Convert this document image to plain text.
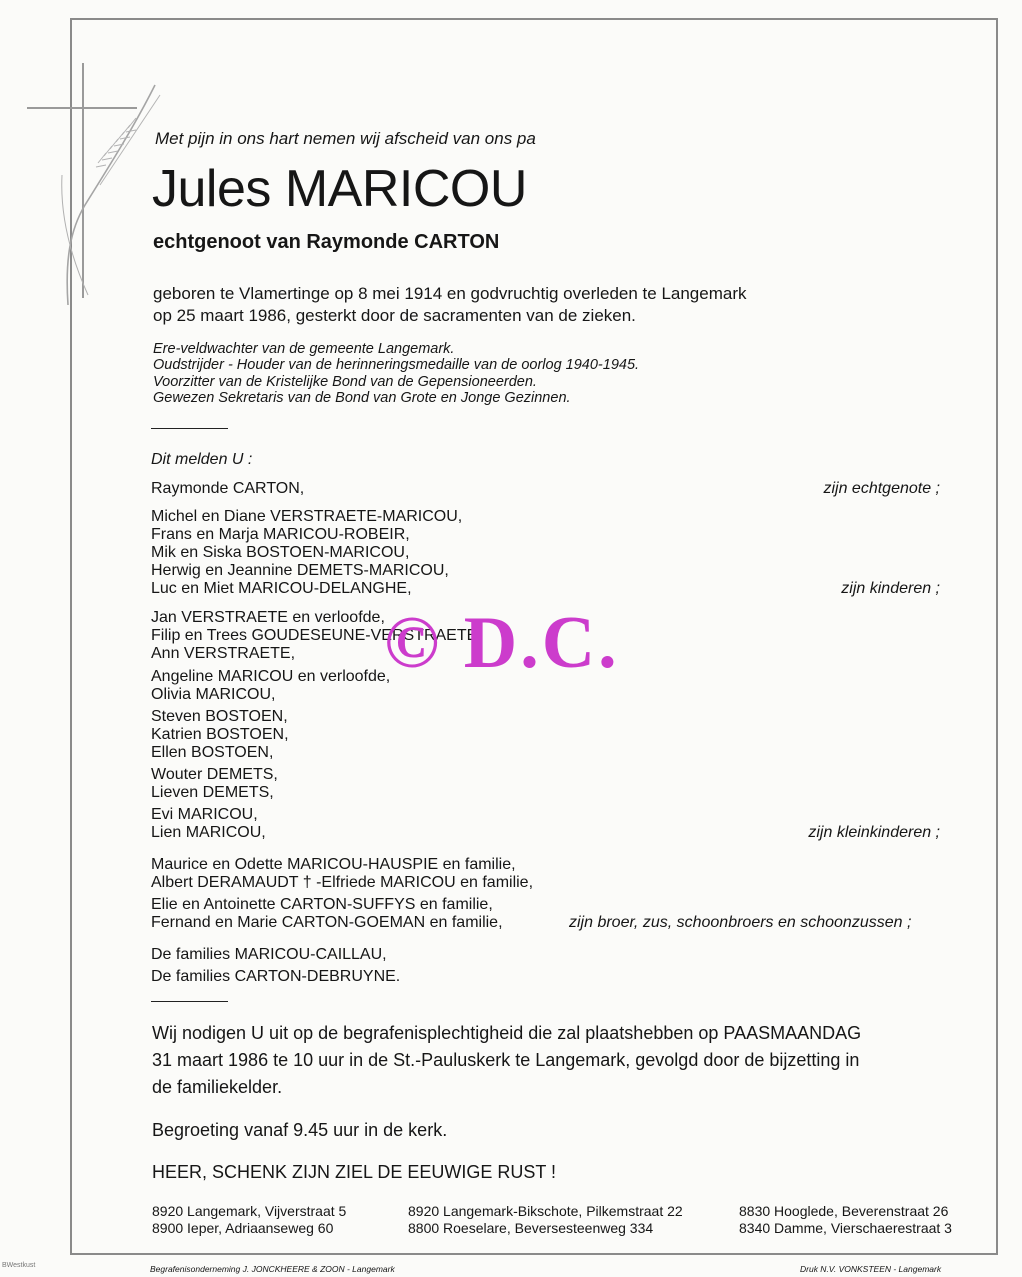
Met pijn in ons hart nemen wij afscheid van ons pa
Jules MARICOU
echtgenoot van Raymonde CARTON
geboren te Vlamertinge op 8 mei 1914 en godvruchtig overleden te Langemark
op 25 maart 1986, gesterkt door de sacramenten van de zieken.
Ere-veldwachter van de gemeente Langemark.
Oudstrijder - Houder van de herinneringsmedaille van de oorlog 1940-1945.
Voorzitter van de Kristelijke Bond van de Gepensioneerden.
Gewezen Sekretaris van de Bond van Grote en Jonge Gezinnen.
Dit melden U :
Raymonde CARTON,	zijn echtgenote ;
Michel en Diane VERSTRAETE-MARICOU,
Frans en Marja MARICOU-ROBEIR,
Mik en Siska BOSTOEN-MARICOU,
Herwig en Jeannine DEMETS-MARICOU,
Luc en Miet MARICOU-DELANGHE,	zijn kinderen ;
Jan VERSTRAETE en verloofde,
Filip en Trees GOUDESEUNE-VERSTRAETE,
Ann VERSTRAETE,
Angeline MARICOU en verloofde,
Olivia MARICOU,
Steven BOSTOEN,
Katrien BOSTOEN,
Ellen BOSTOEN,
Wouter DEMETS,
Lieven DEMETS,
Evi MARICOU,
Lien MARICOU,	zijn kleinkinderen ;
Maurice en Odette MARICOU-HAUSPIE en familie,
Albert DERAMAUDT † -Elfriede MARICOU en familie,
Elie en Antoinette CARTON-SUFFYS en familie,
Fernand en Marie CARTON-GOEMAN en familie,	zijn broer, zus, schoonbroers en schoonzussen ;
De families MARICOU-CAILLAU,
De families CARTON-DEBRUYNE.
Wij nodigen U uit op de begrafenisplechtigheid die zal plaatshebben op PAASMAANDAG
31 maart 1986 te 10 uur in de St.-Pauluskerk te Langemark, gevolgd door de bijzetting in
de familiekelder.
Begroeting vanaf 9.45 uur in de kerk.
HEER, SCHENK ZIJN ZIEL DE EEUWIGE RUST !
8920 Langemark, Vijverstraat 5
8900 Ieper, Adriaanseweg 60
8920 Langemark-Bikschote, Pilkemstraat 22
8800 Roeselare, Beversesteenweg 334
8830 Hooglede, Beverenstraat 26
8340 Damme, Vierschaerestraat 3
Begrafenisonderneming J. JONCKHEERE & ZOON - Langemark	Druk N.V. VONKSTEEN - Langemark
© D.C.
BWestkust
